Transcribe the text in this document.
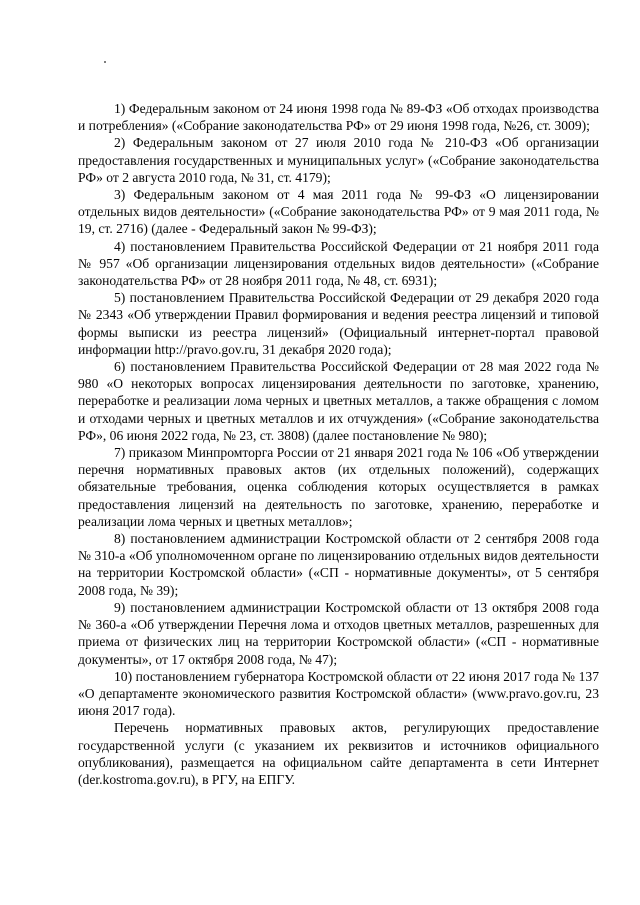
1) Федеральным законом от 24 июня 1998 года № 89-ФЗ «Об отходах производства и потребления» («Собрание законодательства РФ» от 29 июня 1998 года, №26, ст. 3009);

2) Федеральным законом от 27 июля 2010 года № 210-ФЗ «Об организации предоставления государственных и муниципальных услуг» («Собрание законодательства РФ» от 2 августа 2010 года, № 31, ст. 4179);

3) Федеральным законом от 4 мая 2011 года № 99-ФЗ «О лицензировании отдельных видов деятельности» («Собрание законодательства РФ» от 9 мая 2011 года, № 19, ст. 2716) (далее - Федеральный закон № 99-ФЗ);

4) постановлением Правительства Российской Федерации от 21 ноября 2011 года № 957 «Об организации лицензирования отдельных видов деятельности» («Собрание законодательства РФ» от 28 ноября 2011 года, № 48, ст. 6931);

5) постановлением Правительства Российской Федерации от 29 декабря 2020 года № 2343 «Об утверждении Правил формирования и ведения реестра лицензий и типовой формы выписки из реестра лицензий» (Официальный интернет-портал правовой информации http://pravo.gov.ru, 31 декабря 2020 года);

6) постановлением Правительства Российской Федерации от 28 мая 2022 года № 980 «О некоторых вопросах лицензирования деятельности по заготовке, хранению, переработке и реализации лома черных и цветных металлов, а также обращения с ломом и отходами черных и цветных металлов и их отчуждения» («Собрание законодательства РФ», 06 июня 2022 года, № 23, ст. 3808) (далее постановление № 980);

7) приказом Минпромторга России от 21 января 2021 года № 106 «Об утверждении перечня нормативных правовых актов (их отдельных положений), содержащих обязательные требования, оценка соблюдения которых осуществляется в рамках предоставления лицензий на деятельность по заготовке, хранению, переработке и реализации лома черных и цветных металлов»;

8) постановлением администрации Костромской области от 2 сентября 2008 года № 310-а «Об уполномоченном органе по лицензированию отдельных видов деятельности на территории Костромской области» («СП - нормативные документы», от 5 сентября 2008 года, № 39);

9) постановлением администрации Костромской области от 13 октября 2008 года № 360-а «Об утверждении Перечня лома и отходов цветных металлов, разрешенных для приема от физических лиц на территории Костромской области» («СП - нормативные документы», от 17 октября 2008 года, № 47);

10) постановлением губернатора Костромской области от 22 июня 2017 года № 137 «О департаменте экономического развития Костромской области» (www.pravo.gov.ru, 23 июня 2017 года).

Перечень нормативных правовых актов, регулирующих предоставление государственной услуги (с указанием их реквизитов и источников официального опубликования), размещается на официальном сайте департамента в сети Интернет (der.kostroma.gov.ru), в РГУ, на ЕПГУ.
